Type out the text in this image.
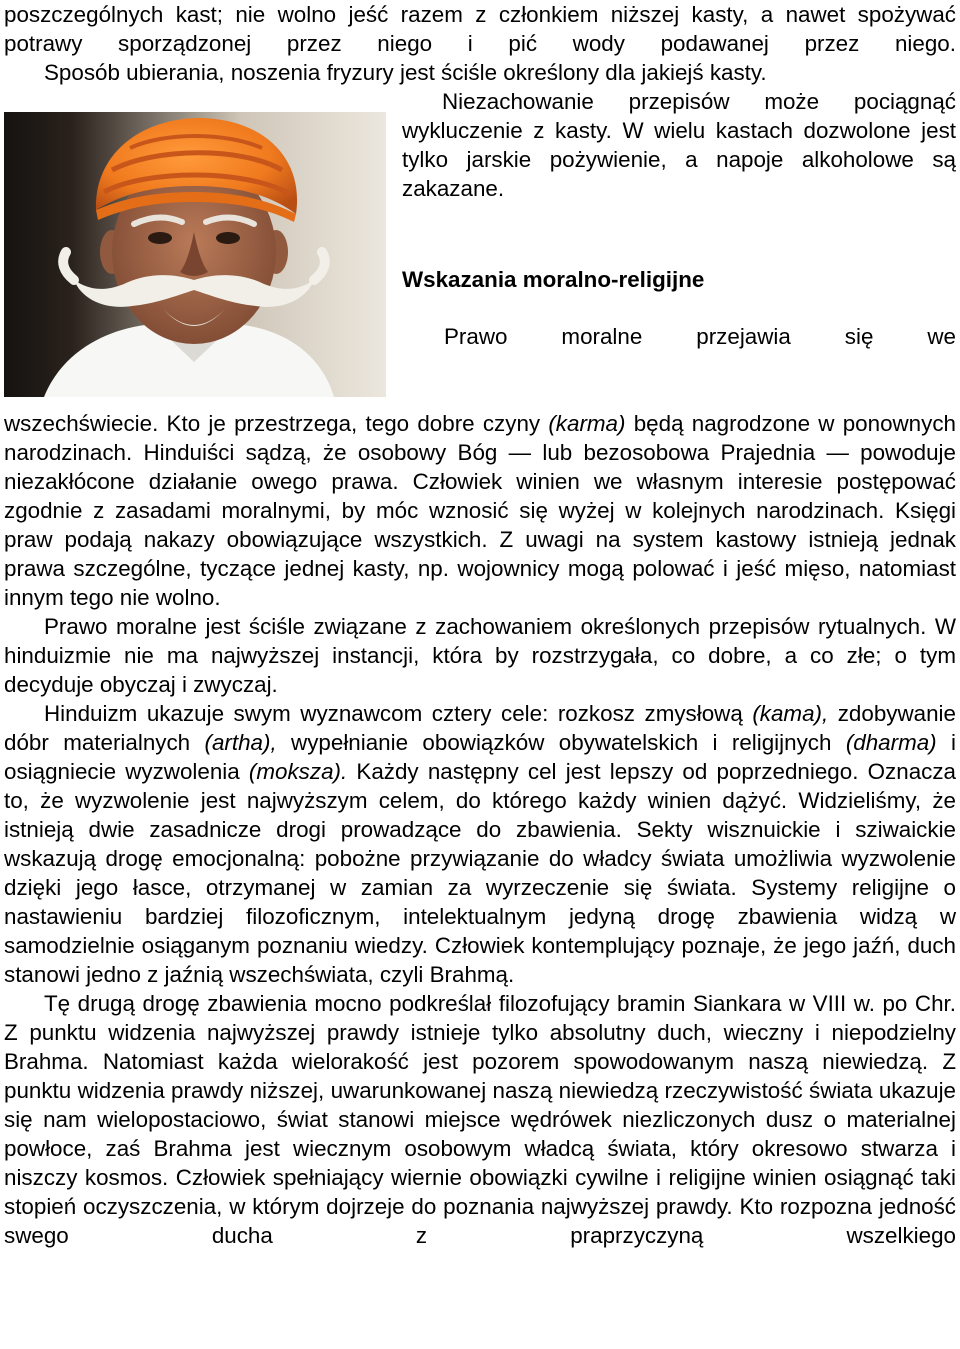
poszczególnych kast; nie wolno jeść razem z członkiem niższej kasty, a nawet spożywać potrawy sporządzonej przez niego i pić wody podawanej przez niego.

Sposób ubierania, noszenia fryzury jest ściśle określony dla jakiejś kasty.

Niezachowanie przepisów może pociągnąć wykluczenie z kasty. W wielu kastach dozwolone jest tylko jarskie pożywienie, a napoje alkoholowe są zakazane.

Wskazania moralno-religijne

Prawo moralne przejawia się we

wszechświecie. Kto je przestrzega, tego dobre czyny (karma) będą nagrodzone w ponownych narodzinach. Hinduiści sądzą, że osobowy Bóg — lub bezosobowa Prajednia — powoduje niezakłócone działanie owego prawa. Człowiek winien we własnym interesie postępować zgodnie z zasadami moralnymi, by móc wznosić się wyżej w kolejnych narodzinach. Księgi praw podają nakazy obowiązujące wszystkich. Z uwagi na system kastowy istnieją jednak prawa szczególne, tyczące jednej kasty, np. wojownicy mogą polować i jeść mięso, natomiast innym tego nie wolno.

Prawo moralne jest ściśle związane z zachowaniem określonych przepisów rytualnych. W hinduizmie nie ma najwyższej instancji, która by rozstrzygała, co dobre, a co złe; o tym decyduje obyczaj i zwyczaj.

Hinduizm ukazuje swym wyznawcom cztery cele: rozkosz zmysłową (kama), zdobywanie dóbr materialnych (artha), wypełnianie obowiązków obywatelskich i religijnych (dharma) i osiągniecie wyzwolenia (moksza). Każdy następny cel jest lepszy od poprzedniego. Oznacza to, że wyzwolenie jest najwyższym celem, do którego każdy winien dążyć. Widzieliśmy, że istnieją dwie zasadnicze drogi prowadzące do zbawienia. Sekty wisznuickie i sziwaickie wskazują drogę emocjonalną: pobożne przywiązanie do władcy świata umożliwia wyzwolenie dzięki jego łasce, otrzymanej w zamian za wyrzeczenie się świata. Systemy religijne o nastawieniu bardziej filozoficznym, intelektualnym jedyną drogę zbawienia widzą w samodzielnie osiąganym poznaniu wiedzy. Człowiek kontemplujący poznaje, że jego jaźń, duch stanowi jedno z jaźnią wszechświata, czyli Brahmą.

Tę drugą drogę zbawienia mocno podkreślał filozofujący bramin Siankara w VIII w. po Chr. Z punktu widzenia najwyższej prawdy istnieje tylko absolutny duch, wieczny i niepodzielny Brahma. Natomiast każda wielorakość jest pozorem spowodowanym naszą niewiedzą. Z punktu widzenia prawdy niższej, uwarunkowanej naszą niewiedzą rzeczywistość świata ukazuje się nam wielopostaciowo, świat stanowi miejsce wędrówek niezliczonych dusz o materialnej powłoce, zaś Brahma jest wiecznym osobowym władcą świata, który okresowo stwarza i niszczy kosmos. Człowiek spełniający wiernie obowiązki cywilne i religijne winien osiągnąć taki stopień oczyszczenia, w którym dojrzeje do poznania najwyższej prawdy. Kto rozpozna jedność swego ducha z praprzyczyną wszelkiego
